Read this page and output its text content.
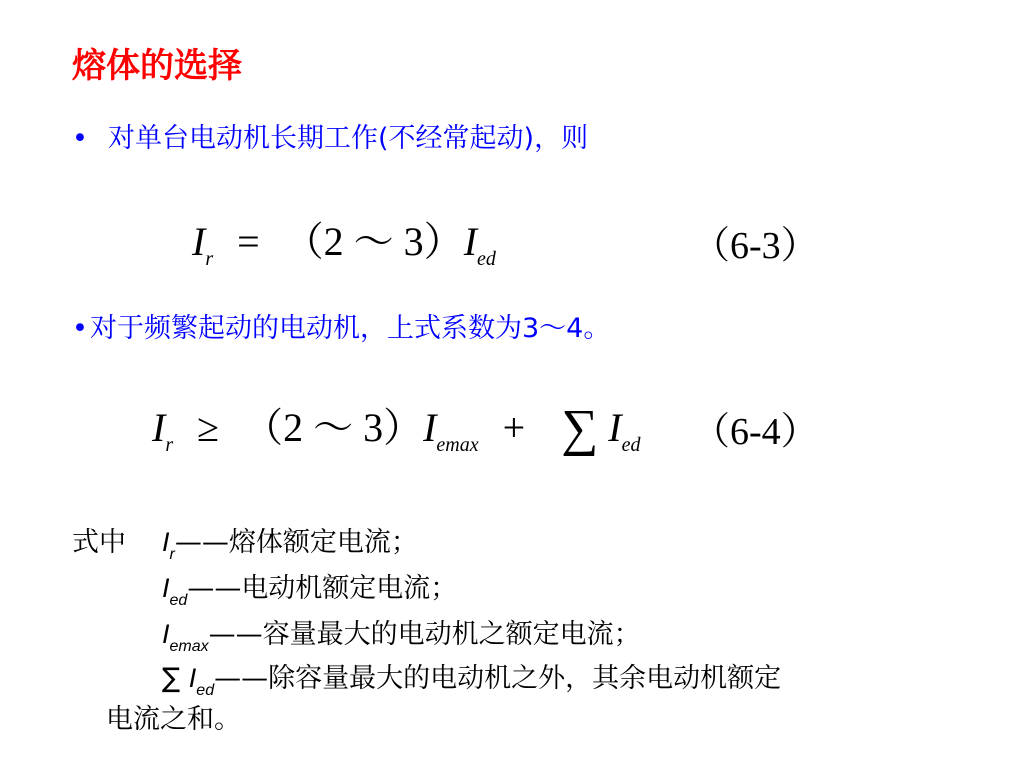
熔体的选择
• 对单台电动机长期工作(不经常起动)，则
$I_r = (2$ ～ $3)I_{ed}$	（6-3）
•对于频繁起动的电动机，上式系数为3～4。
$I_r \ge (2$ ～ $3)I_{emax}$ + ∑ $I_{ed}$ （6-4）
式中 $I_r——$熔体额定电流；
$I_{ed}——$电动机额定电流；
$I_{emax}——$容量最大的电动机之额定电流；
∑ $I_{ed}——$除容量最大的电动机之外，其余电动机额定
电流之和。
